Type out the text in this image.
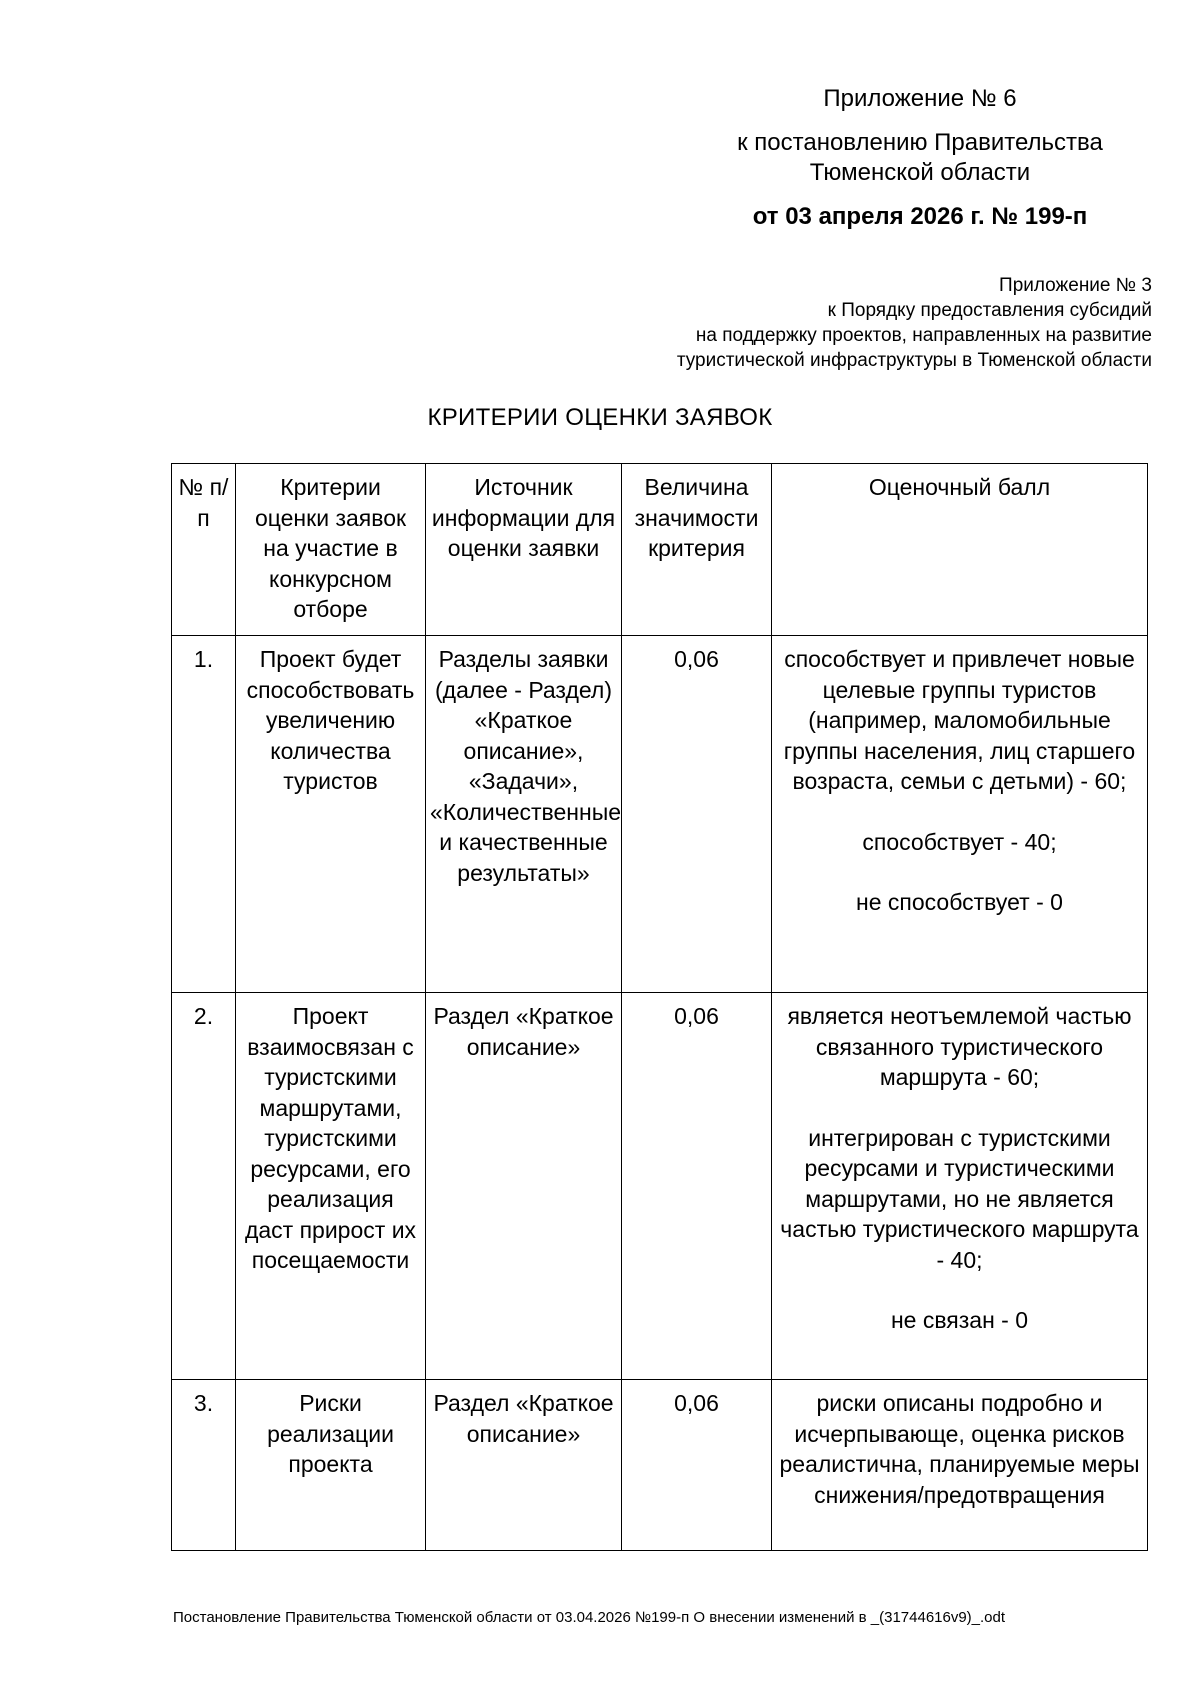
Приложение № 6
к постановлению Правительства
Тюменской области
от 03 апреля 2026 г. № 199-п
Приложение № 3
к Порядку предоставления субсидий
на поддержку проектов, направленных на развитие
туристической инфраструктуры в Тюменской области
КРИТЕРИИ ОЦЕНКИ ЗАЯВОК
№ п/п	Критерии оценки заявок на участие в конкурсном отборе	Источник информации для оценки заявки	Величина значимости критерия	Оценочный балл
1.	Проект будет способствовать увеличению количества туристов	Разделы заявки (далее - Раздел) «Краткое описание», «Задачи», «Количественные и качественные результаты»	0,06	способствует и привлечет новые целевые группы туристов (например, маломобильные группы населения, лиц старшего возраста, семьи с детьми) - 60;
способствует - 40;
не способствует - 0

2.	Проект взаимосвязан с туристскими маршрутами, туристскими ресурсами, его реализация даст прирост их посещаемости	Раздел «Краткое описание»	0,06	является неотъемлемой частью связанного туристического маршрута - 60;
интегрирован с туристскими ресурсами и туристическими маршрутами, но не является частью туристического маршрута - 40;
не связан - 0

3.	Риски реализации проекта	Раздел «Краткое описание»	0,06	риски описаны подробно и исчерпывающе, оценка рисков реалистична, планируемые меры снижения/предотвращения
Постановление Правительства Тюменской области от 03.04.2026 №199-п О внесении изменений в _(31744616v9)_.odt
